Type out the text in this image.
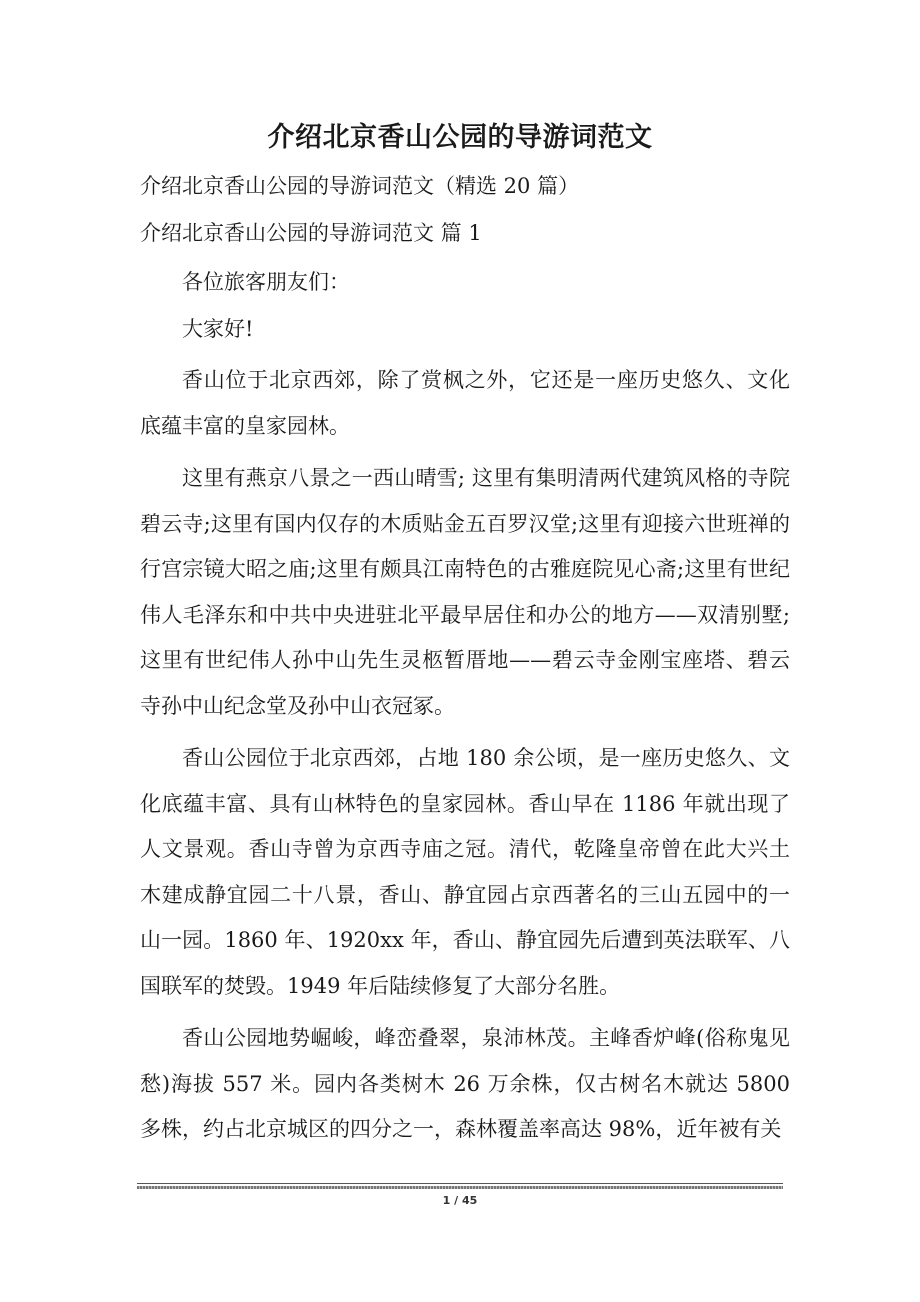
介绍北京香山公园的导游词范文
介绍北京香山公园的导游词范文（精选 20 篇）
介绍北京香山公园的导游词范文 篇 1
各位旅客朋友们：
大家好!

香山位于北京西郊，除了赏枫之外，它还是一座历史悠久、文化底蕴丰富的皇家园林。

这里有燕京八景之一西山晴雪; 这里有集明清两代建筑风格的寺院碧云寺;这里有国内仅存的木质贴金五百罗汉堂;这里有迎接六世班禅的行宫宗镜大昭之庙;这里有颇具江南特色的古雅庭院见心斋;这里有世纪伟人毛泽东和中共中央进驻北平最早居住和办公的地方——双清别墅;这里有世纪伟人孙中山先生灵柩暂厝地——碧云寺金刚宝座塔、碧云寺孙中山纪念堂及孙中山衣冠冢。

香山公园位于北京西郊，占地 180 余公顷，是一座历史悠久、文化底蕴丰富、具有山林特色的皇家园林。香山早在 1186 年就出现了人文景观。香山寺曾为京西寺庙之冠。清代，乾隆皇帝曾在此大兴土木建成静宜园二十八景，香山、静宜园占京西著名的三山五园中的一山一园。1860 年、1920xx 年，香山、静宜园先后遭到英法联军、八国联军的焚毁。1949 年后陆续修复了大部分名胜。

香山公园地势崛峻，峰峦叠翠，泉沛林茂。主峰香炉峰(俗称鬼见愁)海拔 557 米。园内各类树木 26 万余株，仅古树名木就达 5800 多株，约占北京城区的四分之一，森林覆盖率高达 98%，近年被有关

1 / 45
